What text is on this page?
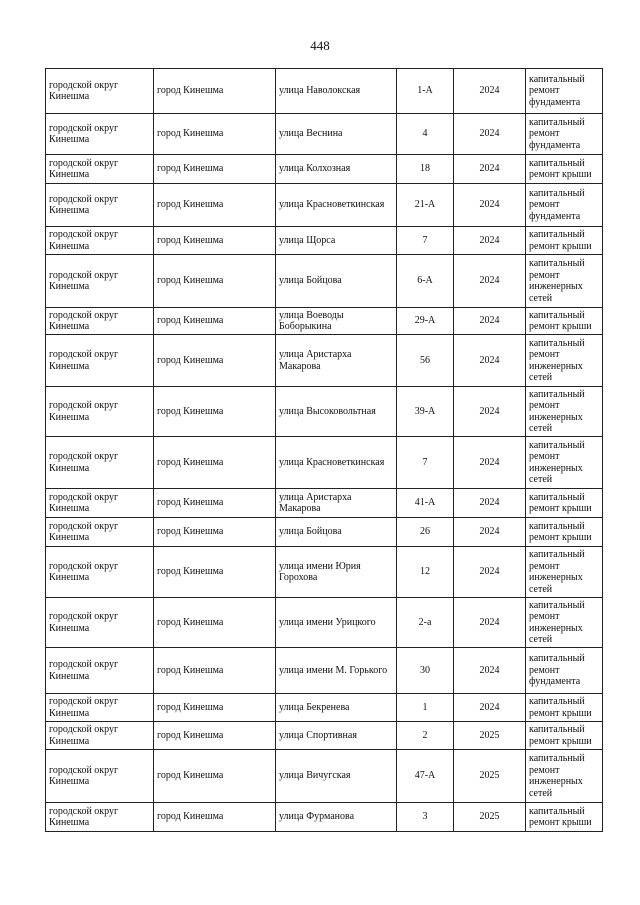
448
городской округ Кинешма	город Кинешма	улица Наволокская	1-А	2024	капитальный ремонт фундамента
городской округ Кинешма	город Кинешма	улица Веснина	4	2024	капитальный ремонт фундамента
городской округ Кинешма	город Кинешма	улица Колхозная	18	2024	капитальный ремонт крыши
городской округ Кинешма	город Кинешма	улица Красноветкинская	21-А	2024	капитальный ремонт фундамента
городской округ Кинешма	город Кинешма	улица Щорса	7	2024	капитальный ремонт крыши
городской округ Кинешма	город Кинешма	улица Бойцова	6-А	2024	капитальный ремонт инженерных сетей
городской округ Кинешма	город Кинешма	улица Воеводы Боборыкина	29-А	2024	капитальный ремонт крыши
городской округ Кинешма	город Кинешма	улица Аристарха Макарова	56	2024	капитальный ремонт инженерных сетей
городской округ Кинешма	город Кинешма	улица Высоковольтная	39-А	2024	капитальный ремонт инженерных сетей
городской округ Кинешма	город Кинешма	улица Красноветкинская	7	2024	капитальный ремонт инженерных сетей
городской округ Кинешма	город Кинешма	улица Аристарха Макарова	41-А	2024	капитальный ремонт крыши
городской округ Кинешма	город Кинешма	улица Бойцова	26	2024	капитальный ремонт крыши
городской округ Кинешма	город Кинешма	улица имени Юрия Горохова	12	2024	капитальный ремонт инженерных сетей
городской округ Кинешма	город Кинешма	улица имени Урицкого	2-а	2024	капитальный ремонт инженерных сетей
городской округ Кинешма	город Кинешма	улица имени М. Горького	30	2024	капитальный ремонт фундамента
городской округ Кинешма	город Кинешма	улица Бекренева	1	2024	капитальный ремонт крыши
городской округ Кинешма	город Кинешма	улица Спортивная	2	2025	капитальный ремонт крыши
городской округ Кинешма	город Кинешма	улица Вичугская	47-А	2025	капитальный ремонт инженерных сетей
городской округ Кинешма	город Кинешма	улица Фурманова	3	2025	капитальный ремонт крыши
